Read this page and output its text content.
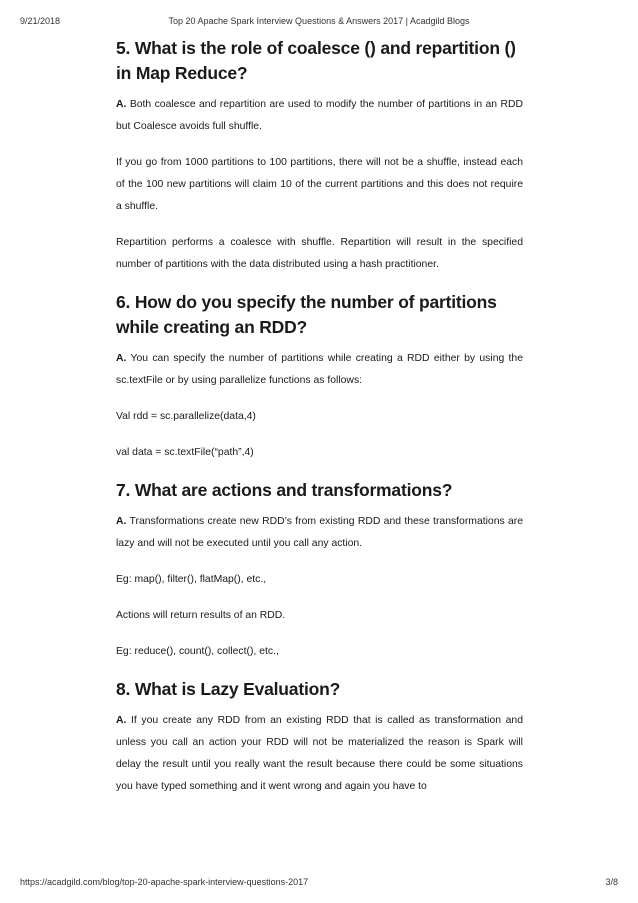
9/21/2018	Top 20 Apache Spark Interview Questions & Answers 2017 | Acadgild Blogs
5. What is the role of coalesce () and repartition () in Map Reduce?

A. Both coalesce and repartition are used to modify the number of partitions in an RDD but Coalesce avoids full shuffle.

If you go from 1000 partitions to 100 partitions, there will not be a shuffle, instead each of the 100 new partitions will claim 10 of the current partitions and this does not require a shuffle.

Repartition performs a coalesce with shuffle. Repartition will result in the specified number of partitions with the data distributed using a hash practitioner.

6. How do you specify the number of partitions while creating an RDD?

A. You can specify the number of partitions while creating a RDD either by using the sc.textFile or by using parallelize functions as follows:

Val rdd = sc.parallelize(data,4)

val data = sc.textFile(“path”,4)

7. What are actions and transformations?

A. Transformations create new RDD’s from existing RDD and these transformations are lazy and will not be executed until you call any action.

Eg: map(), filter(), flatMap(), etc.,

Actions will return results of an RDD.

Eg: reduce(), count(), collect(), etc.,

8. What is Lazy Evaluation?

A. If you create any RDD from an existing RDD that is called as transformation and unless you call an action your RDD will not be materialized the reason is Spark will delay the result until you really want the result because there could be some situations you have typed something and it went wrong and again you have to

https://acadgild.com/blog/top-20-apache-spark-interview-questions-2017	3/8
